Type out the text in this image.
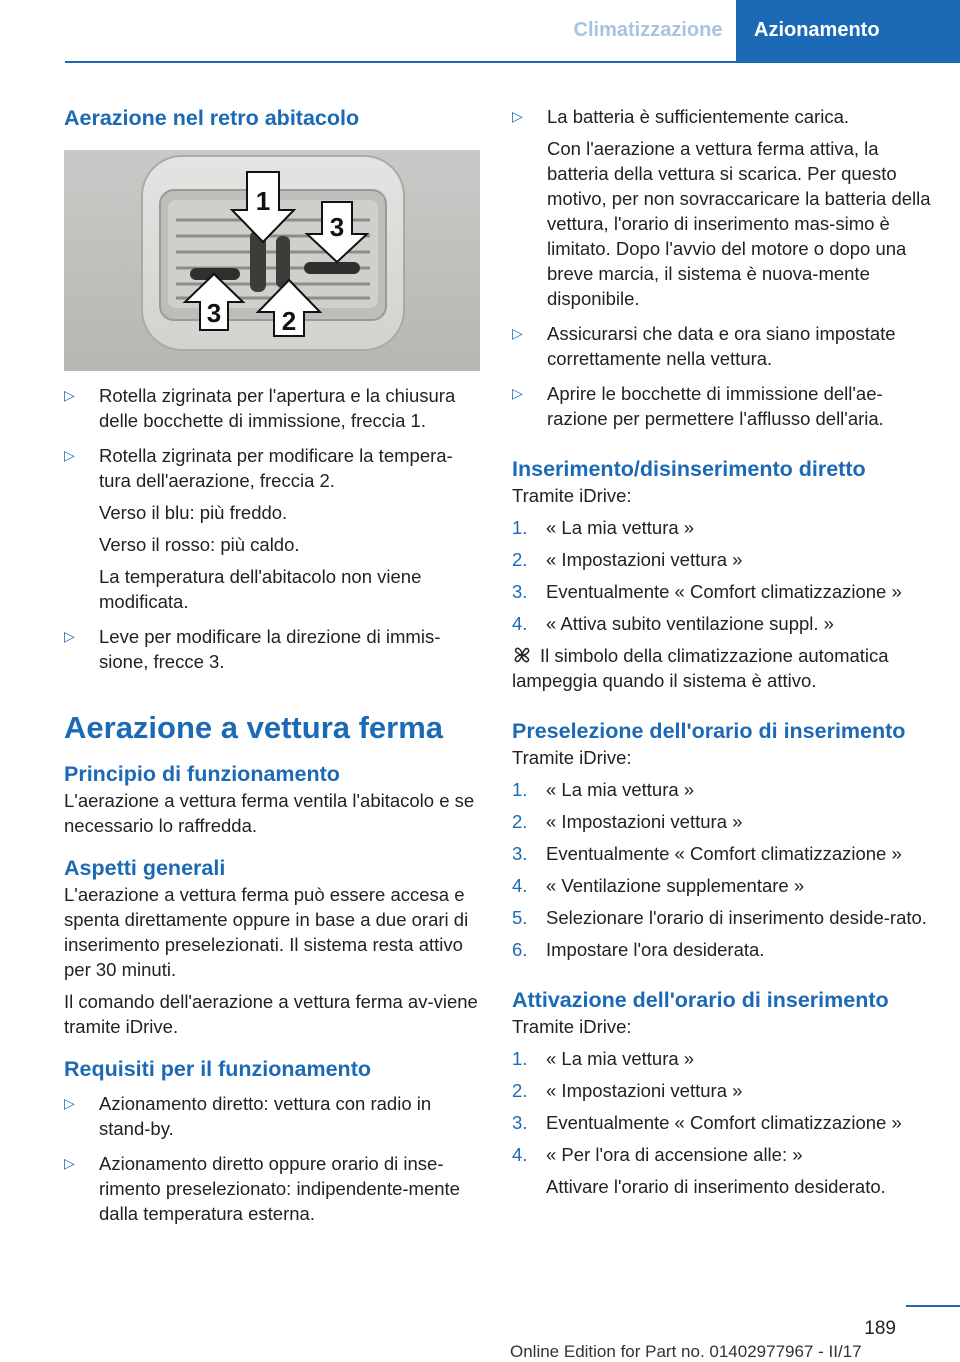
Climatizzazione	Azionamento
Aerazione nel retro abitacolo
1
3
3 2
▷ Rotella zigrinata per l'apertura e la chiusura delle bocchette di immissione, freccia 1.
▷ Rotella zigrinata per modificare la tempera‐tura dell'aerazione, freccia 2.
Verso il blu: più freddo.
Verso il rosso: più caldo.
La temperatura dell'abitacolo non viene modificata.
▷ Leve per modificare la direzione di immis‐sione, frecce 3.
Aerazione a vettura ferma
Principio di funzionamento

L'aerazione a vettura ferma ventila l'abitacolo e se necessario lo raffredda.

Aspetti generali

L'aerazione a vettura ferma può essere accesa e spenta direttamente oppure in base a due orari di inserimento preselezionati. Il sistema resta attivo per 30 minuti.

Il comando dell'aerazione a vettura ferma av‐viene tramite iDrive.

Requisiti per il funzionamento
▷ Azionamento diretto: vettura con radio in stand-by.
▷ Azionamento diretto oppure orario di inse‐rimento preselezionato: indipendente‐mente dalla temperatura esterna.
▷ La batteria è sufficientemente carica.
Con l'aerazione a vettura ferma attiva, la batteria della vettura si scarica. Per questo motivo, per non sovraccaricare la batteria della vettura, l'orario di inserimento mas‐simo è limitato. Dopo l'avvio del motore o dopo una breve marcia, il sistema è nuova‐mente disponibile.
▷ Assicurarsi che data e ora siano impostate correttamente nella vettura.
▷ Aprire le bocchette di immissione dell'ae‐razione per permettere l'afflusso dell'aria.
Inserimento/disinserimento diretto

Tramite iDrive:

1. « La mia vettura »
2. « Impostazioni vettura »
3. Eventualmente « Comfort climatizzazione »
4. « Attiva subito ventilazione suppl. »

Il simbolo della climatizzazione automatica lampeggia quando il sistema è attivo.

Preselezione dell'orario di inserimento

Tramite iDrive:

1. « La mia vettura »
2. « Impostazioni vettura »
3. Eventualmente « Comfort climatizzazione »
4. « Ventilazione supplementare »
5. Selezionare l'orario di inserimento deside‐rato.
6. Impostare l'ora desiderata.
Attivazione dell'orario di inserimento

Tramite iDrive:

1. « La mia vettura »
2. « Impostazioni vettura »
3. Eventualmente « Comfort climatizzazione »
4. « Per l'ora di accensione alle: »
Attivare l'orario di inserimento desiderato.
189
Online Edition for Part no. 01402977967 - II/17
